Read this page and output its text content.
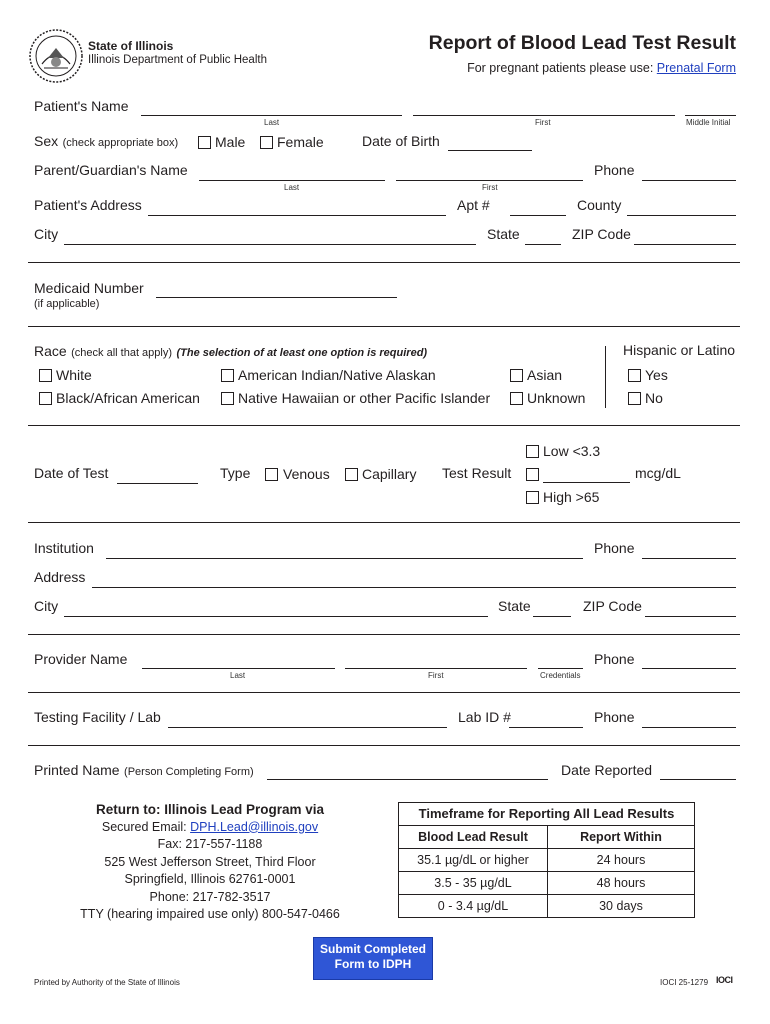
State of Illinois
Illinois Department of Public Health
Report of Blood Lead Test Result
For pregnant patients please use: Prenatal Form
Patient's Name
Last	First	Middle Initial
Sex (check appropriate box)	Male Female	Date of Birth
Parent/Guardian's Name
Last	First
Phone
Patient's Address	Apt #	County
City	State	ZIP Code
Medicaid Number
(if applicable)
Race (check all that apply) (The selection of at least one option is required)
White
Black/African American
American Indian/Native Alaskan
Native Hawaiian or other Pacific Islander
Asian
Unknown
Hispanic or Latino
Yes
No
Date of Test	Type Venous Capillary Test Result
Low <3.3
mcg/dL
High >65
Institution	Phone
Address
City	State	ZIP Code
Provider Name
Last	First	Credentials
Phone
Testing Facility / Lab	Lab ID #	Phone
Printed Name (Person Completing Form)	Date Reported
Return to: Illinois Lead Program via
Secured Email: DPH.Lead@illinois.gov
Fax: 217-557-1188
525 West Jefferson Street, Third Floor
Springfield, Illinois 62761-0001
Phone: 217-782-3517
TTY (hearing impaired use only) 800-547-0466
Timeframe for Reporting All Lead Results
Blood Lead Result	Report Within
35.1 µg/dL or higher	24 hours
3.5 - 35 µg/dL	48 hours
0 - 3.4 µg/dL	30 days
Submit Completed
Form to IDPH
Printed by Authority of the State of Illinois	IOCI 25-1279 IOCI
